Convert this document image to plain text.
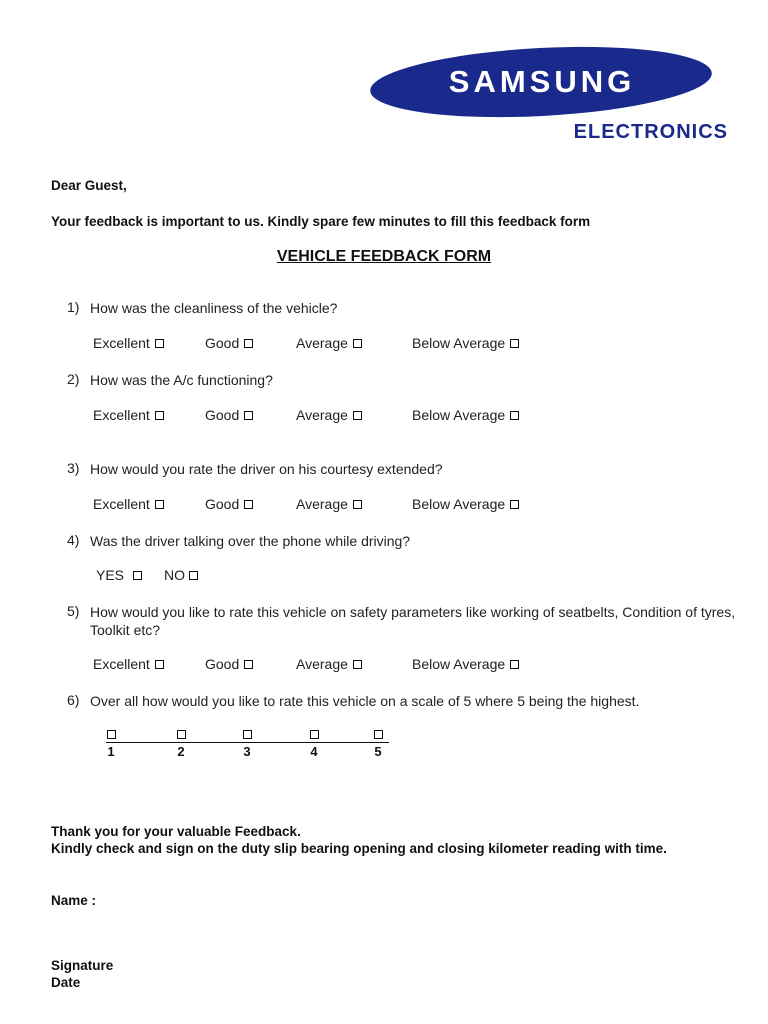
SAMSUNG
ELECTRONICS
Dear Guest,
Your feedback is important to us. Kindly spare few minutes to fill this feedback form
VEHICLE FEEDBACK FORM
1) How was the cleanliness of the vehicle?
Excellent	Good	Average	Below Average
2) How was the A/c functioning?
Excellent	Good	Average	Below Average
3) How would you rate the driver on his courtesy extended?
Excellent	Good	Average	Below Average
4) Was the driver talking over the phone while driving?
YES	NO
5) How would you like to rate this vehicle on safety parameters like working of seatbelts, Condition of tyres, Toolkit etc?
Excellent	Good	Average	Below Average
6) Over all how would you like to rate this vehicle on a scale of 5 where 5 being the highest.
1	2	3	4	5
Thank you for your valuable Feedback.
Kindly check and sign on the duty slip bearing opening and closing kilometer reading with time.
Name :
Signature
Date
